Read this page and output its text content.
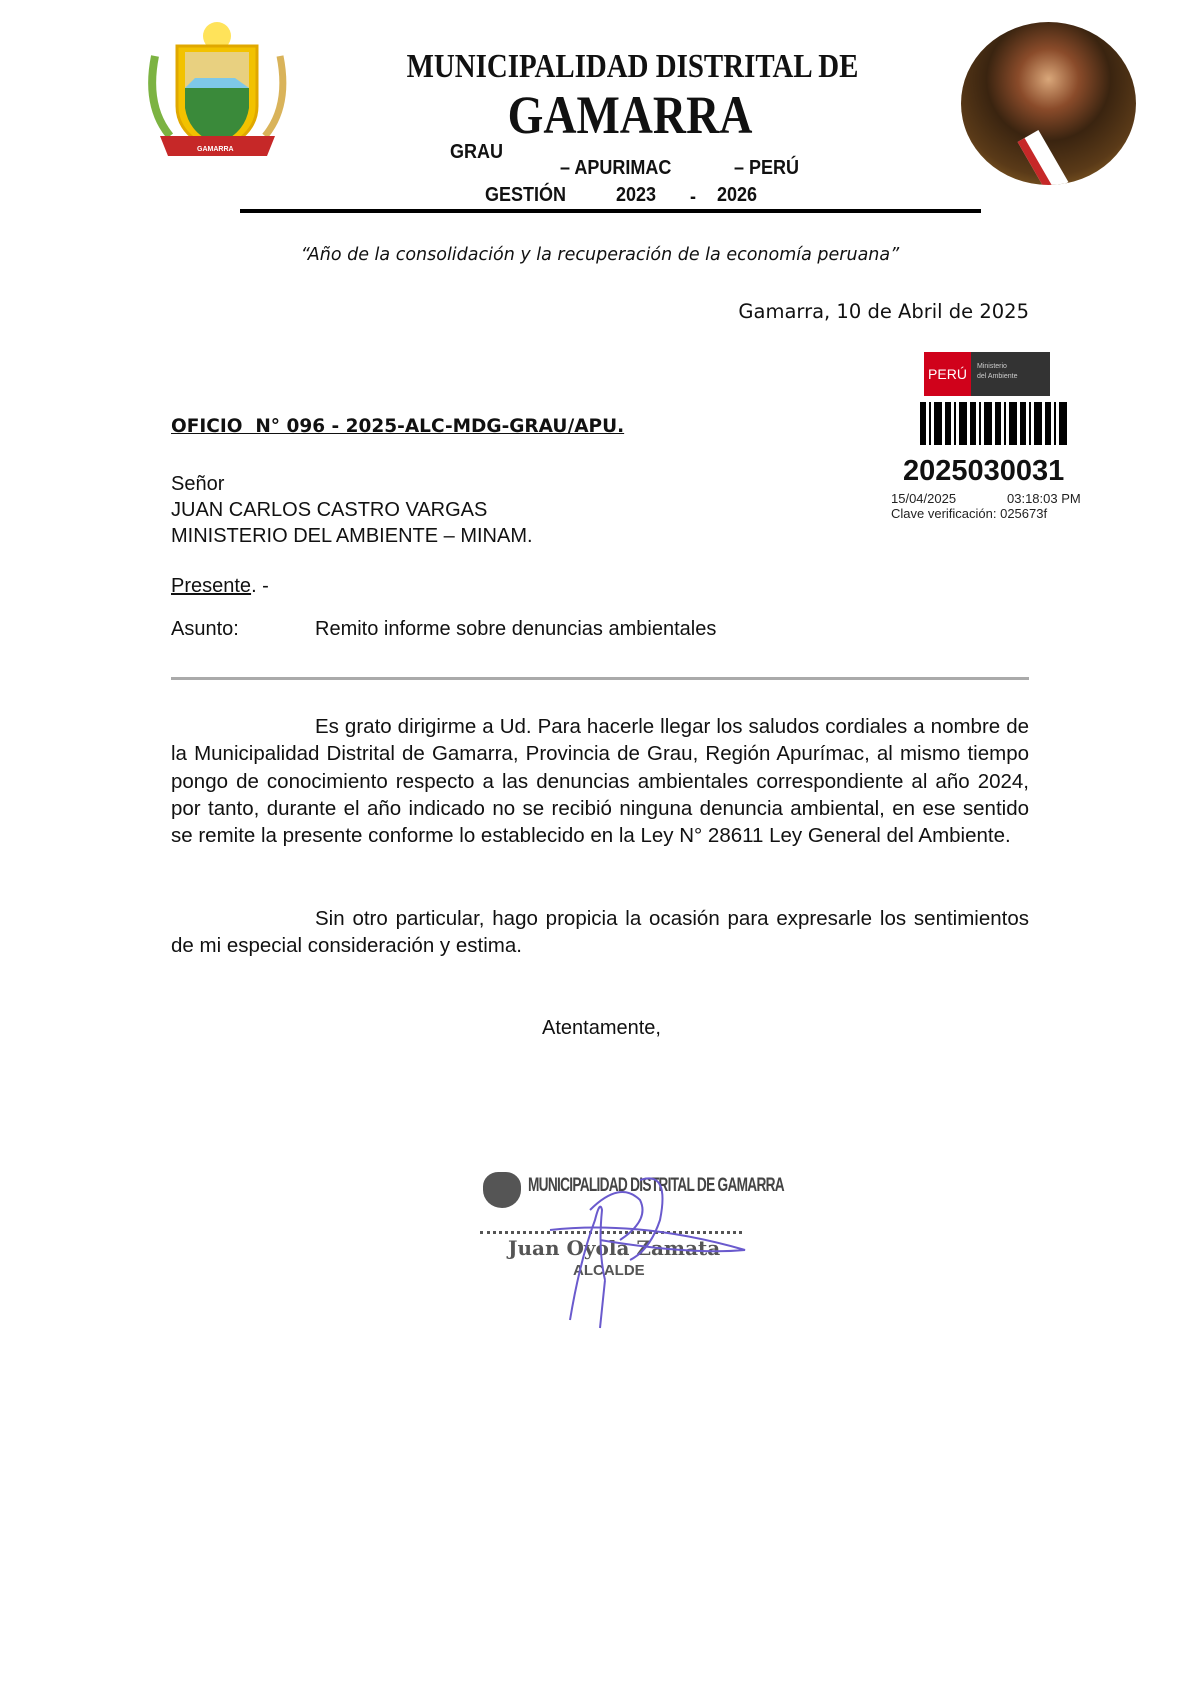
GAMARRA
MUNICIPALIDAD DISTRITAL DE
GAMARRA
GRAU
– APURIMAC	– PERÚ
GESTIÓN 2023 - 2026
“Año de la consolidación y la recuperación de la economía peruana”
Gamarra, 10 de Abril de 2025
PERÚ	Ministerio
del Ambiente
2025030031
15/04/2025	03:18:03 PM
Clave verificación: 025673f
OFICIO  N° 096 - 2025-ALC-MDG-GRAU/APU.
Señor
JUAN CARLOS CASTRO VARGAS
MINISTERIO DEL AMBIENTE – MINAM.
Presente. -
Asunto:	Remito informe sobre denuncias ambientales
Es grato dirigirme a Ud. Para hacerle llegar los saludos cordiales a nombre de la Municipalidad Distrital de Gamarra, Provincia de Grau, Región Apurímac, al mismo tiempo pongo de conocimiento respecto a las denuncias ambientales correspondiente al año 2024, por tanto, durante el año indicado no se recibió ninguna denuncia ambiental, en ese sentido se remite la presente conforme lo establecido en la Ley N° 28611 Ley General del Ambiente.
Sin otro particular, hago propicia la ocasión para expresarle los sentimientos de mi especial consideración y estima.
Atentamente,
MUNICIPALIDAD DISTRITAL DE GAMARRA
Juan Oyola Zamata
ALCALDE
